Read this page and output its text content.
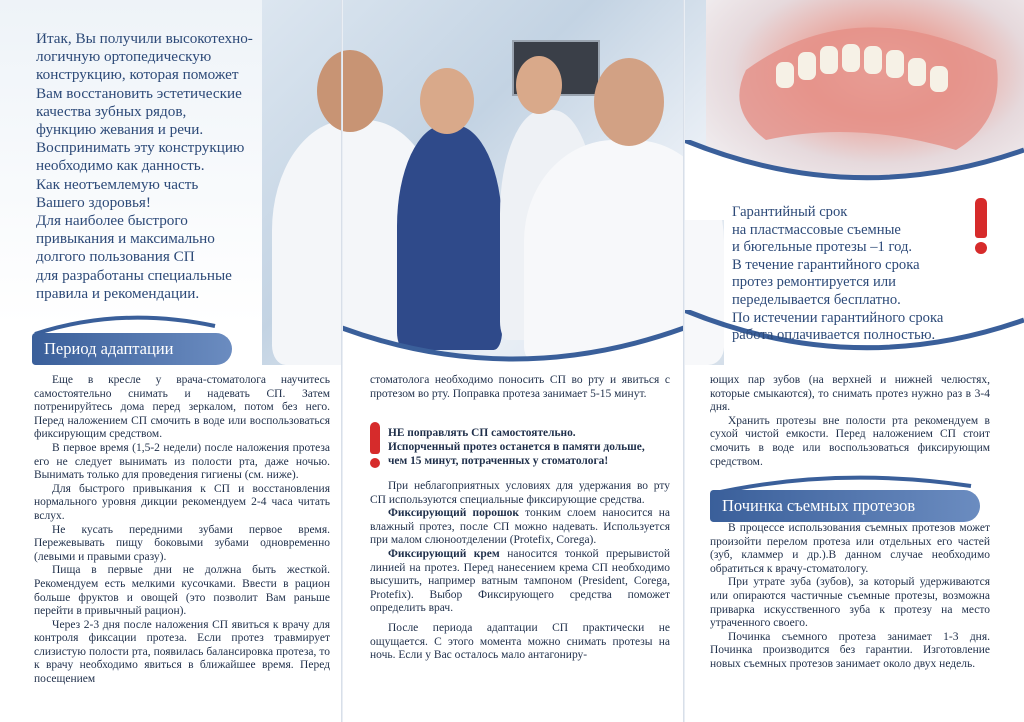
Итак, Вы получили высокотехно-
логичную ортопедическую
конструкцию, которая поможет
Вам восстановить эстетические
качества зубных рядов,
функцию жевания и речи.
Воспринимать эту конструкцию
необходимо как данность.
Как неотъемлемую часть
Вашего здоровья!
Для наиболее быстрого
привыкания и максимально
долгого пользования СП
для разработаны специальные
правила и рекомендации.

Период адаптации

Еще в кресле у врача-стоматолога научитесь самостоятельно снимать и надевать СП. Затем потренируйтесь дома перед зеркалом, потом без него. Перед наложением СП смочить в воде или воспользоваться фиксирующим средством.

В первое время (1,5-2 недели) после наложения протеза его не следует вынимать из полости рта, даже ночью. Вынимать только для проведения гигиены (см. ниже).

Для быстрого привыкания к СП и восстановления нормального уровня дикции рекомендуем 2-4 часа читать вслух.

Не кусать передними зубами первое время. Пережевывать пищу боковыми зубами одновременно (левыми и правыми сразу).

Пища в первые дни не должна быть жесткой. Рекомендуем есть мелкими кусочками. Ввести в рацион больше фруктов и овощей (это позволит Вам раньше перейти в привычный рацион).

Через 2-3 дня после наложения СП явиться к врачу для контроля фиксации протеза. Если протез травмирует слизистую полости рта, появилась балансировка протеза, то к врачу необходимо явиться в ближайшее время. Перед посещением

стоматолога необходимо поносить СП во рту и явиться с протезом во рту. Поправка протеза занимает 5-15 минут.

НЕ поправлять СП самостоятельно.
Испорченный протез останется в памяти дольше,
чем 15 минут, потраченных у стоматолога!

При неблагоприятных условиях для удержания во рту СП используются специальные фиксирующие средства.

Фиксирующий порошок тонким слоем наносится на влажный протез, после СП можно надевать. Используется при малом слюноотделении (Protefix, Corega).

Фиксирующий крем наносится тонкой прерывистой линией на протез. Перед нанесением крема СП необходимо высушить, например ватным тампоном (President, Corega, Protefix). Выбор Фиксирующего средства поможет определить врач.

После периода адаптации СП практически не ощущается. С этого момента можно снимать протезы на ночь. Если у Вас осталось мало антагониру-

Гарантийный срок
на пластмассовые съемные
и бюгельные протезы –1 год.
В течение гарантийного срока
протез ремонтируется или
переделывается бесплатно.
По истечении гарантийного срока
работа оплачивается полностью.

ющих пар зубов (на верхней и нижней челюстях, которые смыкаются), то снимать протез нужно раз в 3-4 дня.

Хранить протезы вне полости рта рекомендуем в сухой чистой емкости. Перед наложением СП стоит смочить в воде или воспользоваться фиксирующим средством.

Починка съемных протезов

В процессе использования съемных протезов может произойти перелом протеза или отдельных его частей (зуб, кламмер и др.).В данном случае необходимо обратиться к врачу-стоматологу.

При утрате зуба (зубов), за который удерживаются или опираются частичные съемные протезы, возможна приварка искусственного зуба к протезу на место утраченного своего.

Починка съемного протеза занимает 1-3 дня. Починка производится без гарантии. Изготовление новых съемных протезов занимает около двух недель.
